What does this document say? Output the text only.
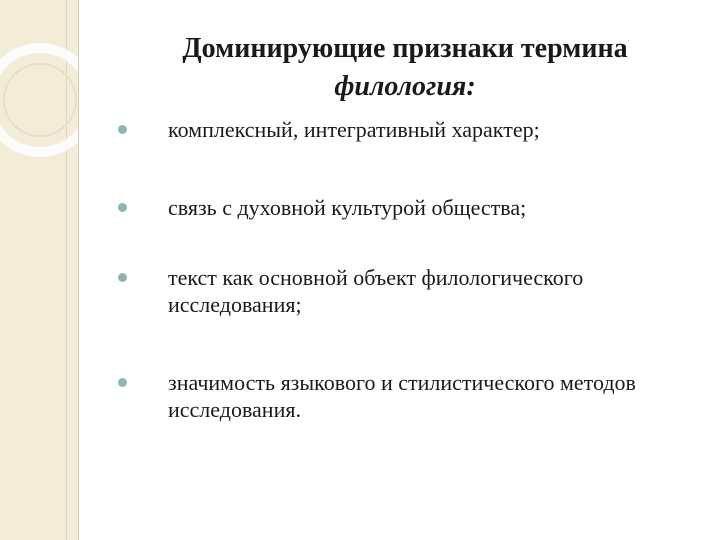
Доминирующие признаки термина
филология:
комплексный, интегративный характер;
связь с духовной культурой общества;
текст как основной объект филологического исследования;
значимость языкового и стилистического методов исследования.
